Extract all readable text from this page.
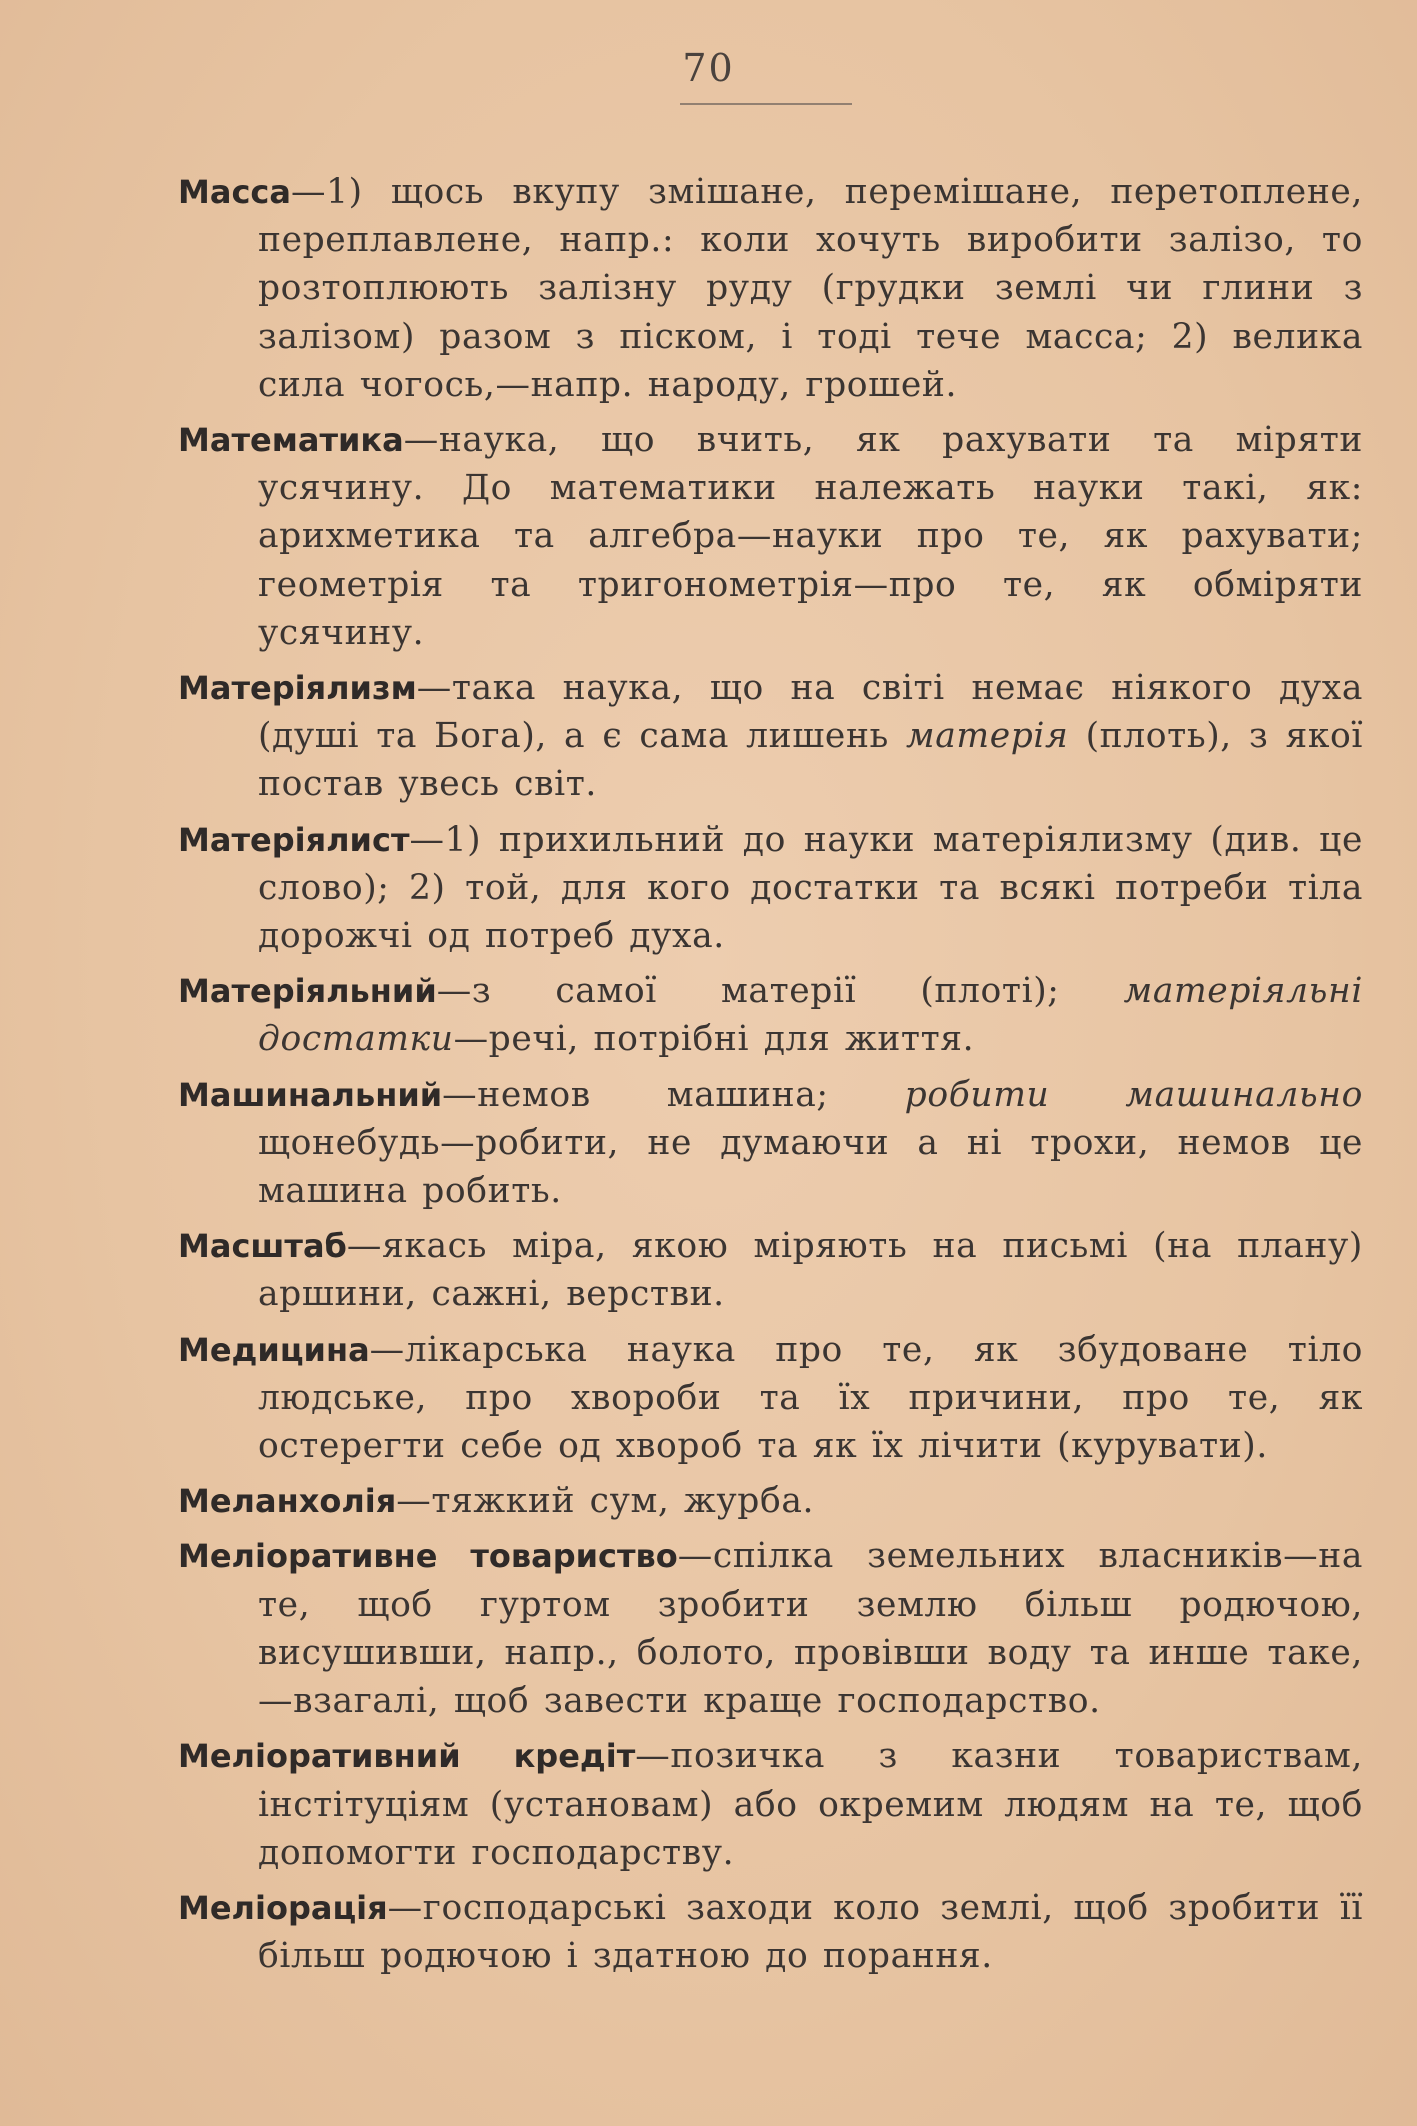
70

Масса—1) щось вкупу змішане, перемішане, перетоплене, переплавлене, напр.: коли хочуть виробити залізо, то розтоплюють залізну руду (грудки землі чи глини з залізом) разом з піском, і тоді тече масса; 2) велика сила чогось,—напр. народу, грошей.

Математика—наука, що вчить, як рахувати та міряти усячину. До математики належать науки такі, як: арихметика та алгебра—науки про те, як рахувати; геометрія та тригонометрія—про те, як обміряти усячину.

Матеріялизм—така наука, що на світі немає ніякого духа (душі та Бога), а є сама лишень матерія (плоть), з якої постав увесь світ.

Матеріялист—1) прихильний до науки матеріялизму (див. це слово); 2) той, для кого достатки та всякі потреби тіла дорожчі од потреб духа.

Матеріяльний—з самої матерії (плоті); матеріяльні достатки—речі, потрібні для життя.

Машинальний—немов машина; робити машинально щонебудь—робити, не думаючи а ні трохи, немов це машина робить.

Масштаб—якась міра, якою міряють на письмі (на плану) аршини, сажні, верстви.

Медицина—лікарська наука про те, як збудоване тіло людське, про хвороби та їх причини, про те, як остерегти себе од хвороб та як їх лічити (курувати).

Меланхолія—тяжкий сум, журба.

Меліоративне товариство—спілка земельних власників—на те, щоб гуртом зробити землю більш родючою, висушивши, напр., болото, провівши воду та инше таке,—взагалі, щоб завести краще господарство.

Меліоративний кредіт—позичка з казни товариствам, інстітуціям (установам) або окремим людям на те, щоб допомогти господарству.

Меліорація—господарські заходи коло землі, щоб зробити її більш родючою і здатною до порання.
